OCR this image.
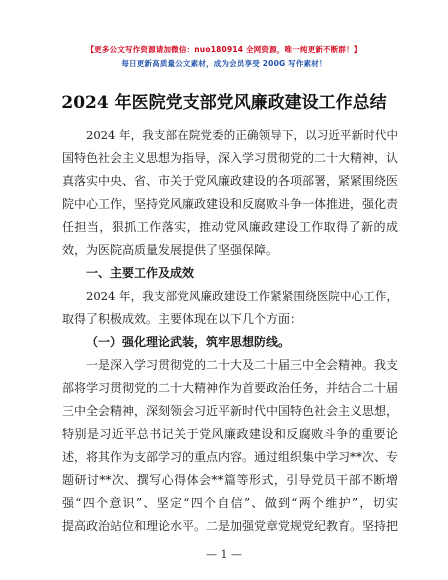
【更多公文写作资源请加微信：nuo180914 全网资源，唯一纯更新不断群！】
每日更新高质量公文素材，成为会员享受 200G 写作素材！
2024 年医院党支部党风廉政建设工作总结
2024 年，我支部在院党委的正确领导下，以习近平新时代中
国特色社会主义思想为指导，深入学习贯彻党的二十大精神，认
真落实中央、省、市关于党风廉政建设的各项部署，紧紧围绕医
院中心工作，坚持党风廉政建设和反腐败斗争一体推进，强化责
任担当，狠抓工作落实，推动党风廉政建设工作取得了新的成
效，为医院高质量发展提供了坚强保障。
一、主要工作及成效
2024 年，我支部党风廉政建设工作紧紧围绕医院中心工作，
取得了积极成效。主要体现在以下几个方面：
（一）强化理论武装，筑牢思想防线。
一是深入学习贯彻党的二十大及二十届三中全会精神。我支
部将学习贯彻党的二十大精神作为首要政治任务，并结合二十届
三中全会精神，深刻领会习近平新时代中国特色社会主义思想，
特别是习近平总书记关于党风廉政建设和反腐败斗争的重要论
述，将其作为支部学习的重点内容。通过组织集中学习**次、专
题研讨**次、撰写心得体会**篇等形式，引导党员干部不断增
强“四个意识”、坚定“四个自信”、做到“两个维护”，切实
提高政治站位和理论水平。二是加强党章党规党纪教育。坚持把
— 1 —
